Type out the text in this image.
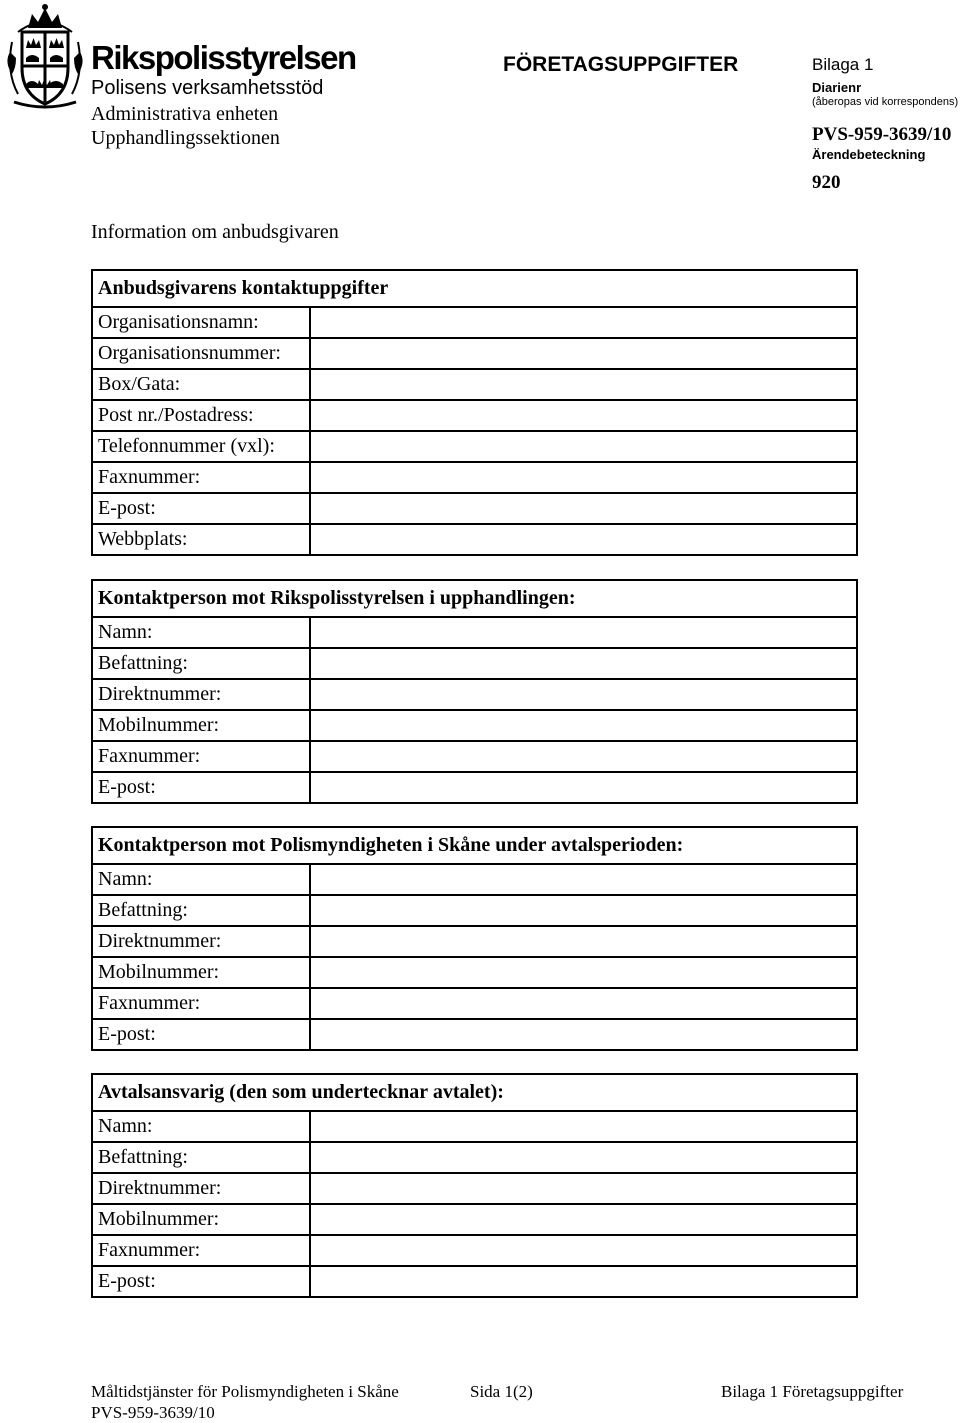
Rikspolisstyrelsen
Polisens verksamhetsstöd
Administrativa enheten
Upphandlingssektionen
FÖRETAGSUPPGIFTER	Bilaga 1
Diarienr
(åberopas vid korrespondens)
PVS-959-3639/10
Ärendebeteckning
920
Information om anbudsgivaren
Anbudsgivarens kontaktuppgifter	
Organisationsnamn:	
Organisationsnummer:	
Box/Gata:	
Post nr./Postadress:	
Telefonnummer (vxl):	
Faxnummer:	
E-post:	
Webbplats:	
Kontaktperson mot Rikspolisstyrelsen i upphandlingen:	
Namn:	
Befattning:	
Direktnummer:	
Mobilnummer:	
Faxnummer:	
E-post:	
Kontaktperson mot Polismyndigheten i Skåne under avtalsperioden:	
Namn:	
Befattning:	
Direktnummer:	
Mobilnummer:	
Faxnummer:	
E-post:	
Avtalsansvarig (den som undertecknar avtalet):	
Namn:	
Befattning:	
Direktnummer:	
Mobilnummer:	
Faxnummer:	
E-post:	
Måltidstjänster för Polismyndigheten i Skåne	Sida 1(2)	Bilaga 1 Företagsuppgifter
PVS-959-3639/10
